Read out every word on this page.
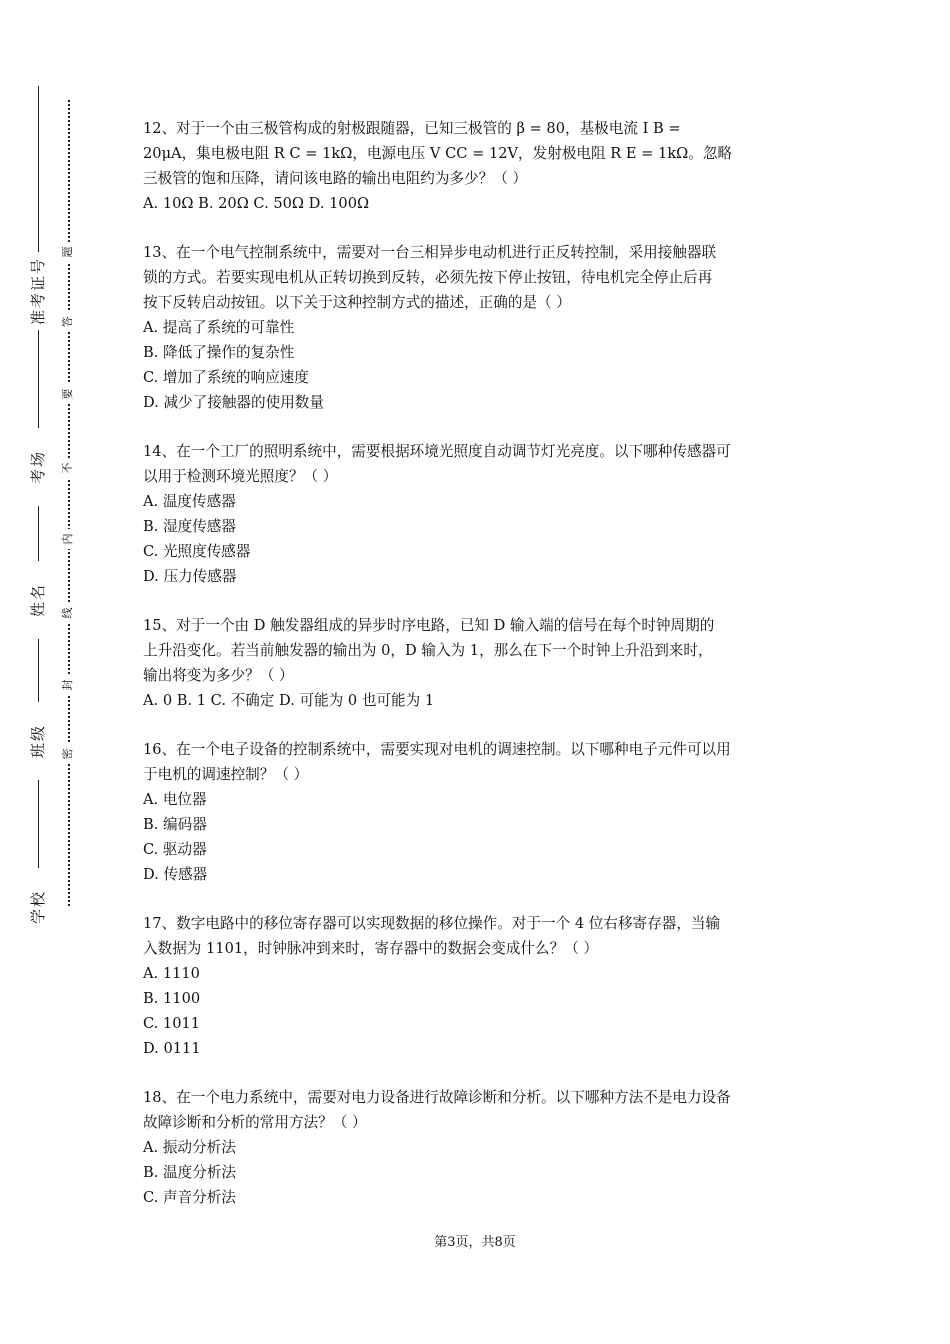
准考证号
考场
姓名
班级
学校
题
答
要
不
内
线
封
密
12、对于一个由三极管构成的射极跟随器，已知三极管的 β = 80，基极电流 I B =
20μA，集电极电阻 R C = 1kΩ，电源电压 V CC = 12V，发射极电阻 R E = 1kΩ。忽略
三极管的饱和压降，请问该电路的输出电阻约为多少？（ ）
A. 10Ω B. 20Ω C. 50Ω D. 100Ω
13、在一个电气控制系统中，需要对一台三相异步电动机进行正反转控制，采用接触器联
锁的方式。若要实现电机从正转切换到反转，必须先按下停止按钮，待电机完全停止后再
按下反转启动按钮。以下关于这种控制方式的描述，正确的是（ ）
A. 提高了系统的可靠性
B. 降低了操作的复杂性
C. 增加了系统的响应速度
D. 减少了接触器的使用数量
14、在一个工厂的照明系统中，需要根据环境光照度自动调节灯光亮度。以下哪种传感器可
以用于检测环境光照度？（ ）
A. 温度传感器
B. 湿度传感器
C. 光照度传感器
D. 压力传感器
15、对于一个由 D 触发器组成的异步时序电路，已知 D 输入端的信号在每个时钟周期的
上升沿变化。若当前触发器的输出为 0，D 输入为 1，那么在下一个时钟上升沿到来时，
输出将变为多少？（ ）
A. 0 B. 1 C. 不确定 D. 可能为 0 也可能为 1
16、在一个电子设备的控制系统中，需要实现对电机的调速控制。以下哪种电子元件可以用
于电机的调速控制？（ ）
A. 电位器
B. 编码器
C. 驱动器
D. 传感器
17、数字电路中的移位寄存器可以实现数据的移位操作。对于一个 4 位右移寄存器，当输
入数据为 1101，时钟脉冲到来时，寄存器中的数据会变成什么？（ ）
A. 1110
B. 1100
C. 1011
D. 0111
18、在一个电力系统中，需要对电力设备进行故障诊断和分析。以下哪种方法不是电力设备
故障诊断和分析的常用方法？（ ）
A. 振动分析法
B. 温度分析法
C. 声音分析法
第3页，共8页
